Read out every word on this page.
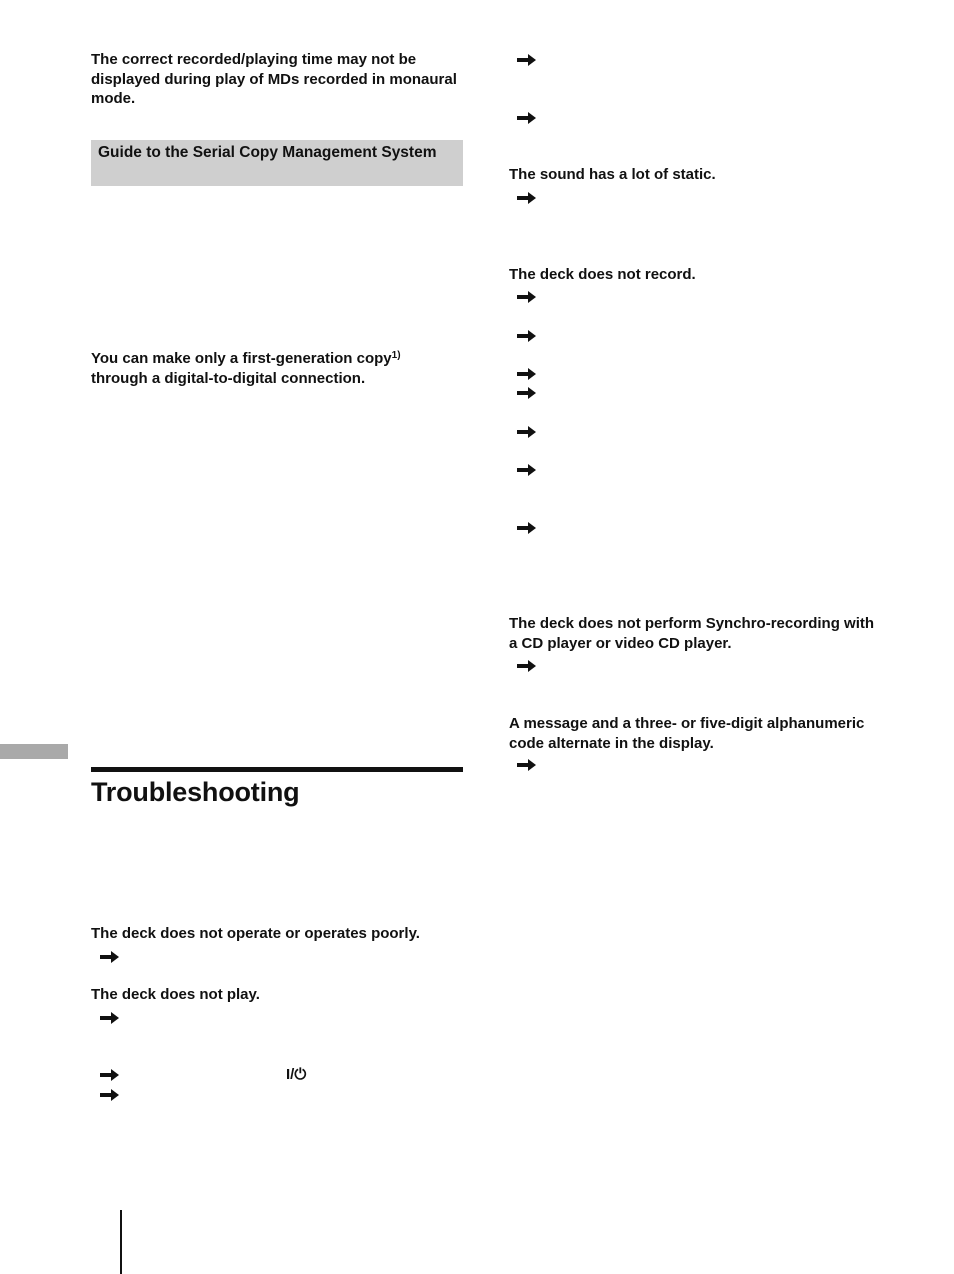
The correct recorded/playing time may not be displayed during play of MDs recorded in monaural mode.
Guide to the Serial Copy Management System
You can make only a first-generation copy$^{1)}$
through a digital-to-digital connection.
Troubleshooting
The deck does not operate or operates poorly.
The deck does not play.
I/⏻
The sound has a lot of static.
The deck does not record.
The deck does not perform Synchro-recording with a CD player or video CD player.
A message and a three- or five-digit alphanumeric code alternate in the display.
